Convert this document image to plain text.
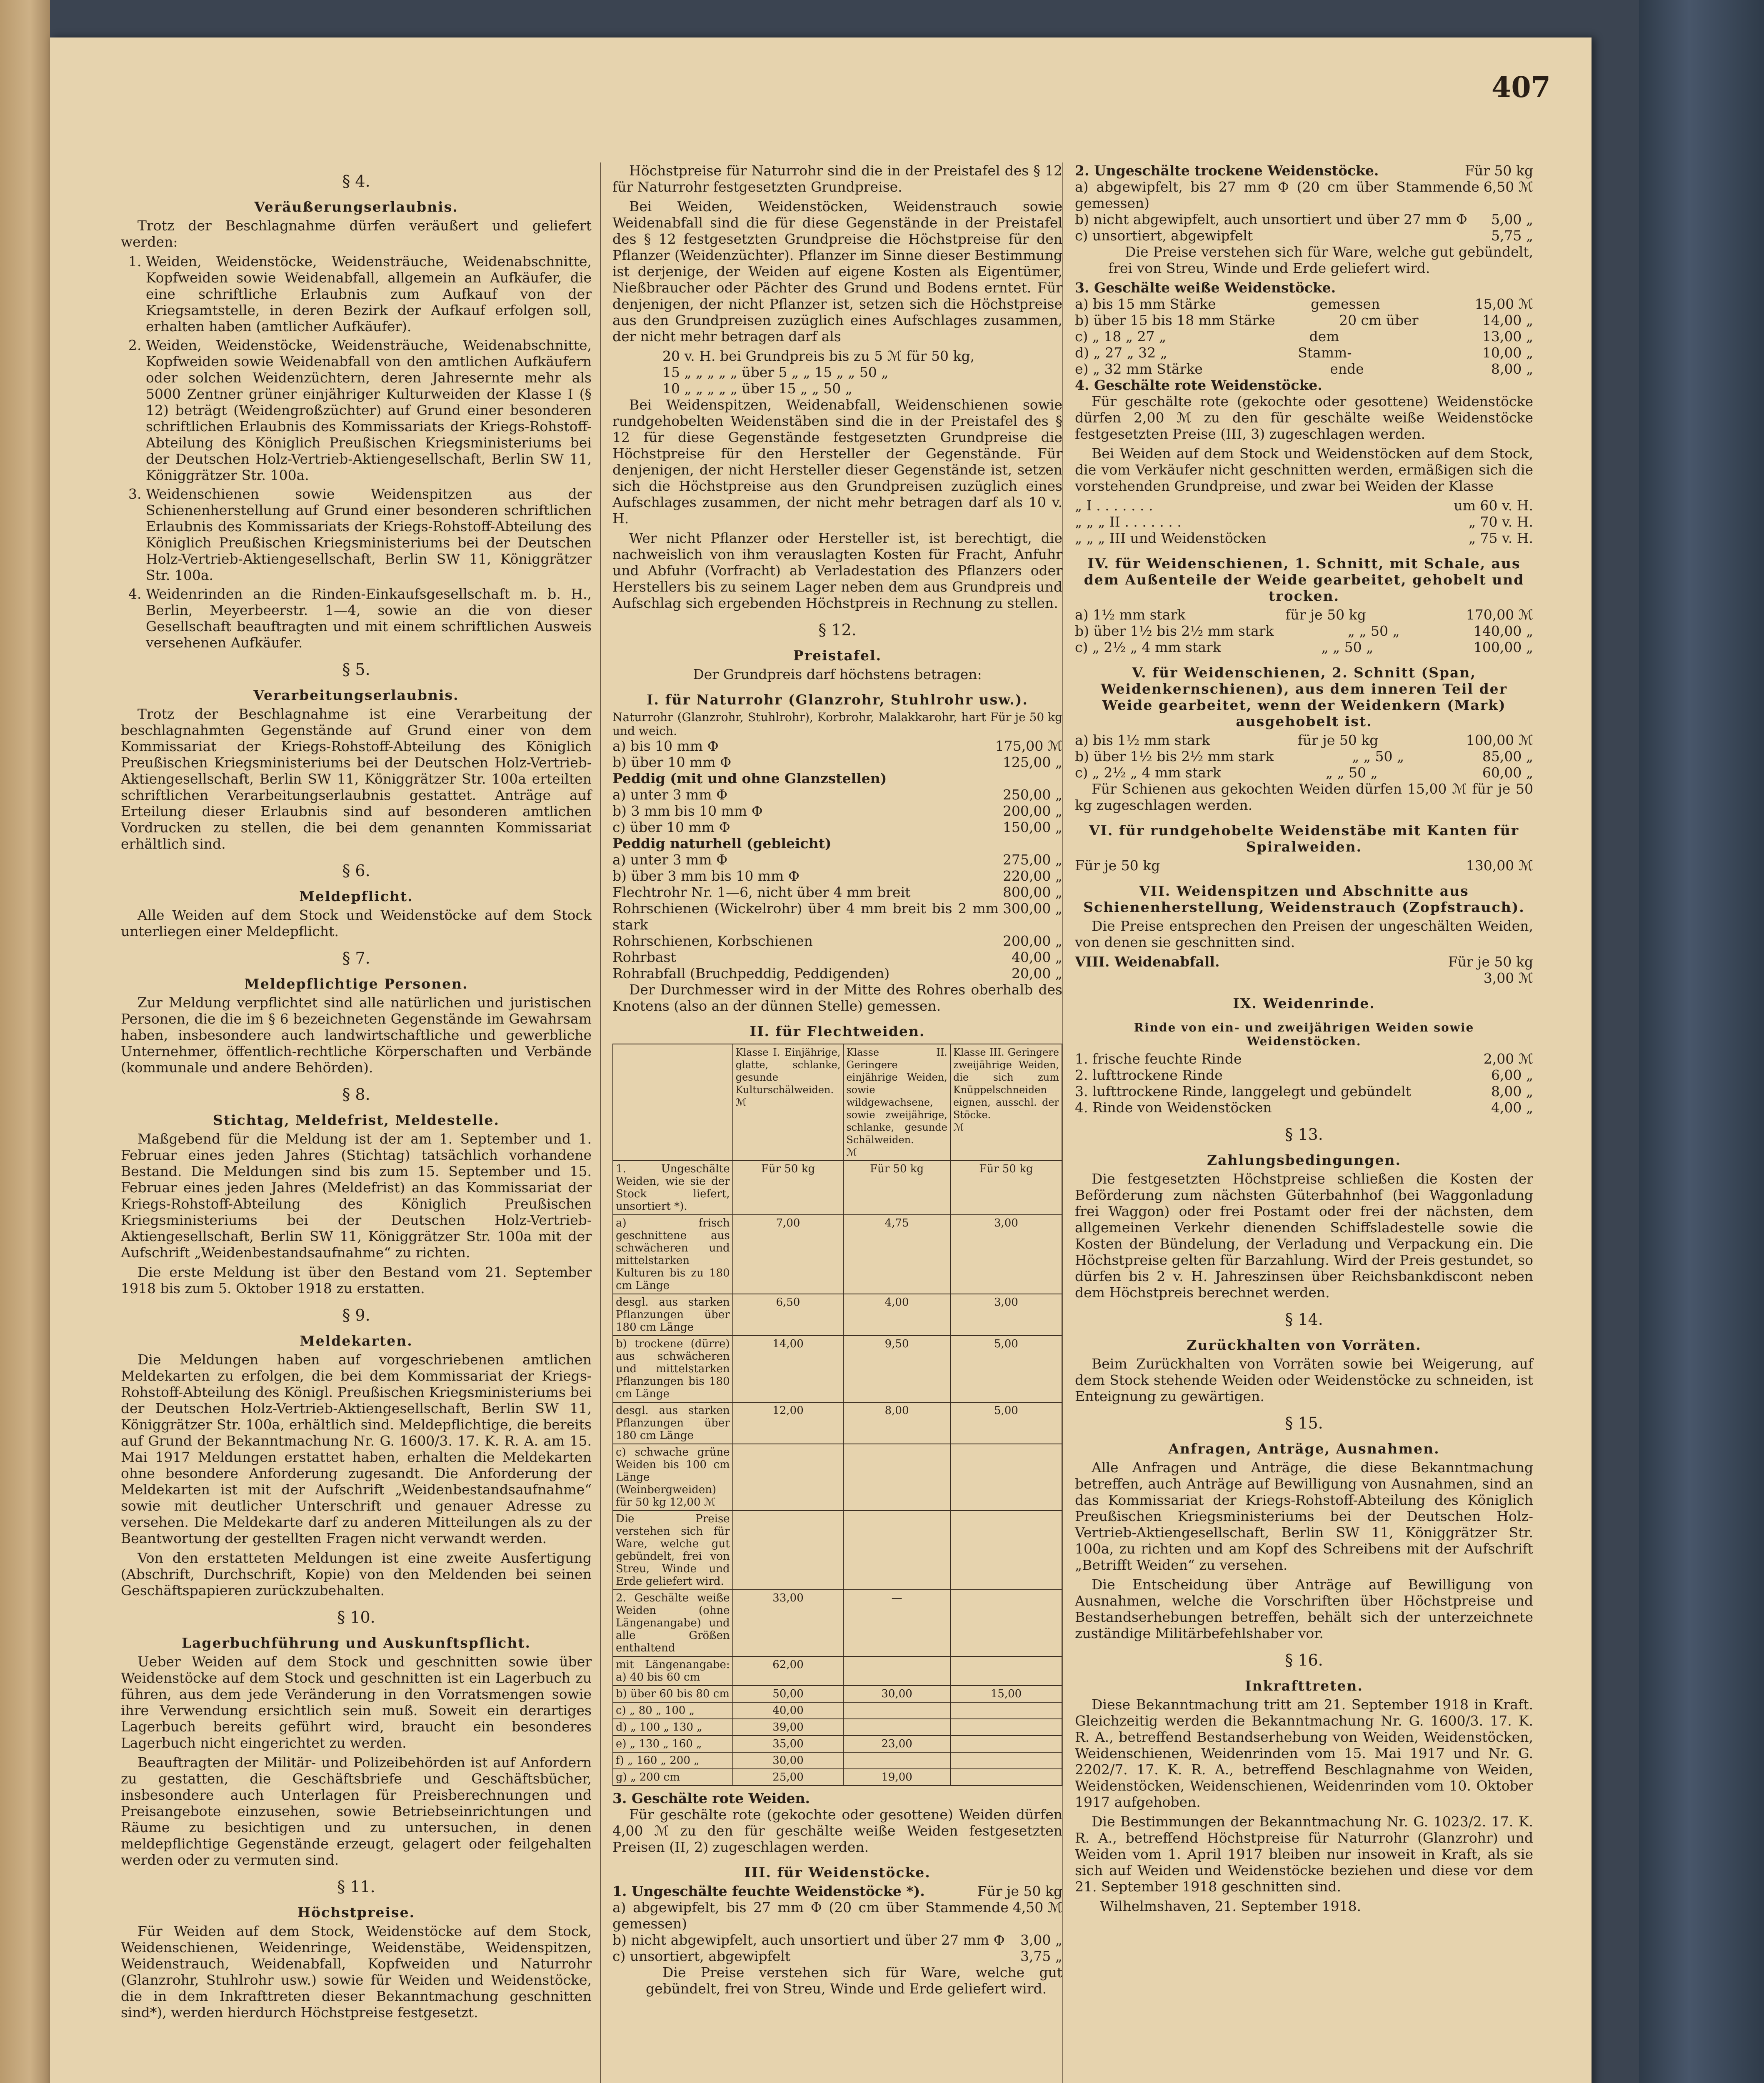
407
§ 4.
Veräußerungserlaubnis.

Trotz der Beschlagnahme dürfen veräußert und geliefert werden:

1. Weiden, Weidenstöcke, Weidensträuche, Weidenabschnitte, Kopfweiden sowie Weidenabfall, allgemein an Aufkäufer, die eine schriftliche Erlaubnis zum Aufkauf von der Kriegsamtstelle, in deren Bezirk der Aufkauf erfolgen soll, erhalten haben (amtlicher Aufkäufer).
2. Weiden, Weidenstöcke, Weidensträuche, Weidenabschnitte, Kopfweiden sowie Weidenabfall von den amtlichen Aufkäufern oder solchen Weidenzüchtern, deren Jahresernte mehr als 5000 Zentner grüner einjähriger Kulturweiden der Klasse I (§ 12) beträgt (Weidengroßzüchter) auf Grund einer besonderen schriftlichen Erlaubnis des Kommissariats der Kriegs-Rohstoff-Abteilung des Königlich Preußischen Kriegsministeriums bei der Deutschen Holz-Vertrieb-Aktiengesellschaft, Berlin SW 11, Königgrätzer Str. 100a.
3. Weidenschienen sowie Weidenspitzen aus der Schienenherstellung auf Grund einer besonderen schriftlichen Erlaubnis des Kommissariats der Kriegs-Rohstoff-Abteilung des Königlich Preußischen Kriegsministeriums bei der Deutschen Holz-Vertrieb-Aktiengesellschaft, Berlin SW 11, Königgrätzer Str. 100a.
4. Weidenrinden an die Rinden-Einkaufsgesellschaft m. b. H., Berlin, Meyerbeerstr. 1—4, sowie an die von dieser Gesellschaft beauftragten und mit einem schriftlichen Ausweis versehenen Aufkäufer.
§ 5.
Verarbeitungserlaubnis.

Trotz der Beschlagnahme ist eine Verarbeitung der beschlagnahmten Gegenstände auf Grund einer von dem Kommissariat der Kriegs-Rohstoff-Abteilung des Königlich Preußischen Kriegsministeriums bei der Deutschen Holz-Vertrieb-Aktiengesellschaft, Berlin SW 11, Königgrätzer Str. 100a erteilten schriftlichen Verarbeitungserlaubnis gestattet. Anträge auf Erteilung dieser Erlaubnis sind auf besonderen amtlichen Vordrucken zu stellen, die bei dem genannten Kommissariat erhältlich sind.

§ 6.
Meldepflicht.

Alle Weiden auf dem Stock und Weidenstöcke auf dem Stock unterliegen einer Meldepflicht.

§ 7.
Meldepflichtige Personen.

Zur Meldung verpflichtet sind alle natürlichen und juristischen Personen, die die im § 6 bezeichneten Gegenstände im Gewahrsam haben, insbesondere auch landwirtschaftliche und gewerbliche Unternehmer, öffentlich-rechtliche Körperschaften und Verbände (kommunale und andere Behörden).

§ 8.
Stichtag, Meldefrist, Meldestelle.

Maßgebend für die Meldung ist der am 1. September und 1. Februar eines jeden Jahres (Stichtag) tatsächlich vorhandene Bestand. Die Meldungen sind bis zum 15. September und 15. Februar eines jeden Jahres (Meldefrist) an das Kommissariat der Kriegs-Rohstoff-Abteilung des Königlich Preußischen Kriegsministeriums bei der Deutschen Holz-Vertrieb-Aktiengesellschaft, Berlin SW 11, Königgrätzer Str. 100a mit der Aufschrift „Weidenbestandsaufnahme“ zu richten.

Die erste Meldung ist über den Bestand vom 21. September 1918 bis zum 5. Oktober 1918 zu erstatten.

§ 9.
Meldekarten.

Die Meldungen haben auf vorgeschriebenen amtlichen Meldekarten zu erfolgen, die bei dem Kommissariat der Kriegs-Rohstoff-Abteilung des Königl. Preußischen Kriegsministeriums bei der Deutschen Holz-Vertrieb-Aktiengesellschaft, Berlin SW 11, Königgrätzer Str. 100a, erhältlich sind. Meldepflichtige, die bereits auf Grund der Bekanntmachung Nr. G. 1600/3. 17. K. R. A. am 15. Mai 1917 Meldungen erstattet haben, erhalten die Meldekarten ohne besondere Anforderung zugesandt. Die Anforderung der Meldekarten ist mit der Aufschrift „Weidenbestandsaufnahme“ sowie mit deutlicher Unterschrift und genauer Adresse zu versehen. Die Meldekarte darf zu anderen Mitteilungen als zu der Beantwortung der gestellten Fragen nicht verwandt werden.

Von den erstatteten Meldungen ist eine zweite Ausfertigung (Abschrift, Durchschrift, Kopie) von den Meldenden bei seinen Geschäftspapieren zurückzubehalten.

§ 10.
Lagerbuchführung und Auskunftspflicht.

Ueber Weiden auf dem Stock und geschnitten sowie über Weidenstöcke auf dem Stock und geschnitten ist ein Lagerbuch zu führen, aus dem jede Veränderung in den Vorratsmengen sowie ihre Verwendung ersichtlich sein muß. Soweit ein derartiges Lagerbuch bereits geführt wird, braucht ein besonderes Lagerbuch nicht eingerichtet zu werden.

Beauftragten der Militär- und Polizeibehörden ist auf Anfordern zu gestatten, die Geschäftsbriefe und Geschäftsbücher, insbesondere auch Unterlagen für Preisberechnungen und Preisangebote einzusehen, sowie Betriebseinrichtungen und Räume zu besichtigen und zu untersuchen, in denen meldepflichtige Gegenstände erzeugt, gelagert oder feilgehalten werden oder zu vermuten sind.

§ 11.
Höchstpreise.

Für Weiden auf dem Stock, Weidenstöcke auf dem Stock, Weidenschienen, Weidenringe, Weidenstäbe, Weidenspitzen, Weidenstrauch, Weidenabfall, Kopfweiden und Naturrohr (Glanzrohr, Stuhlrohr usw.) sowie für Weiden und Weidenstöcke, die in dem Inkrafttreten dieser Bekanntmachung geschnitten sind*), werden hierdurch Höchstpreise festgesetzt.

Höchstpreise für Naturrohr sind die in der Preistafel des § 12 für Naturrohr festgesetzten Grundpreise.

Bei Weiden, Weidenstöcken, Weidenstrauch sowie Weidenabfall sind die für diese Gegenstände in der Preistafel des § 12 festgesetzten Grundpreise die Höchstpreise für den Pflanzer (Weidenzüchter). Pflanzer im Sinne dieser Bestimmung ist derjenige, der Weiden auf eigene Kosten als Eigentümer, Nießbraucher oder Pächter des Grund und Bodens erntet. Für denjenigen, der nicht Pflanzer ist, setzen sich die Höchstpreise aus den Grundpreisen zuzüglich eines Aufschlages zusammen, der nicht mehr betragen darf als

20 v. H. bei Grundpreis bis zu 5 ℳ für 50 kg,
15 „ „ „ „ „ über 5 „ „ 15 „ „ 50 „
10 „ „ „ „ „ über 15 „ „ 50 „

Bei Weidenspitzen, Weidenabfall, Weidenschienen sowie rundgehobelten Weidenstäben sind die in der Preistafel des § 12 für diese Gegenstände festgesetzten Grundpreise die Höchstpreise für den Hersteller der Gegenstände. Für denjenigen, der nicht Hersteller dieser Gegenstände ist, setzen sich die Höchstpreise aus den Grundpreisen zuzüglich eines Aufschlages zusammen, der nicht mehr betragen darf als 10 v. H.

Wer nicht Pflanzer oder Hersteller ist, ist berechtigt, die nachweislich von ihm verauslagten Kosten für Fracht, Anfuhr und Abfuhr (Vorfracht) ab Verladestation des Pflanzers oder Herstellers bis zu seinem Lager neben dem aus Grundpreis und Aufschlag sich ergebenden Höchstpreis in Rechnung zu stellen.

§ 12.
Preistafel.
Der Grundpreis darf höchstens betragen:
I. für Naturrohr (Glanzrohr, Stuhlrohr usw.).
Naturrohr (Glanzrohr, Stuhlrohr), Korbrohr, Malakkarohr, hart und weich.
Für je 50 kg
a) bis 10 mm Φ	175,00 ℳ
b) über 10 mm Φ	125,00 „
Peddig (mit und ohne Glanzstellen)
a) unter 3 mm Φ	250,00 „
b) 3 mm bis 10 mm Φ	200,00 „
c) über 10 mm Φ	150,00 „
Peddig naturhell (gebleicht)
a) unter 3 mm Φ	275,00 „
b) über 3 mm bis 10 mm Φ	220,00 „
Flechtrohr Nr. 1—6, nicht über 4 mm breit	800,00 „
Rohrschienen (Wickelrohr) über 4 mm breit bis 2 mm stark
300,00 „
Rohrschienen, Korbschienen	200,00 „
Rohrbast	40,00 „
Rohrabfall (Bruchpeddig, Peddigenden)	20,00 „

Der Durchmesser wird in der Mitte des Rohres oberhalb des Knotens (also an der dünnen Stelle) gemessen.

II. für Flechtweiden.
	Klasse I. Einjährige, glatte, schlanke, gesunde Kulturschälweiden.
ℳ	Klasse II. Geringere einjährige Weiden, sowie wildgewachsene, sowie zweijährige, schlanke, gesunde Schälweiden.
ℳ	Klasse III. Geringere zweijährige Weiden, die sich zum Knüppelschneiden eignen, ausschl. der Stöcke.
ℳ
1. Ungeschälte Weiden, wie sie der Stock liefert, unsortiert *).	Für 50 kg	Für 50 kg	Für 50 kg
a) frisch geschnittene aus schwächeren und mittelstarken Kulturen bis zu 180 cm Länge	7,00	4,75	3,00
desgl. aus starken Pflanzungen über 180 cm Länge	6,50	4,00	3,00
b) trockene (dürre) aus schwächeren und mittelstarken Pflanzungen bis 180 cm Länge	14,00	9,50	5,00
desgl. aus starken Pflanzungen über 180 cm Länge	12,00	8,00	5,00
c) schwache grüne Weiden bis 100 cm Länge (Weinbergweiden) für 50 kg 12,00 ℳ			
Die Preise verstehen sich für Ware, welche gut gebündelt, frei von Streu, Winde und Erde geliefert wird.			
2. Geschälte weiße Weiden (ohne Längenangabe) und alle Größen enthaltend	33,00	—	
mit Längenangabe: a) 40 bis 60 cm	62,00		
b) über 60 bis 80 cm	50,00	30,00	15,00
c) „ 80 „ 100 „	40,00		
d) „ 100 „ 130 „	39,00		
e) „ 130 „ 160 „	35,00	23,00	
f) „ 160 „ 200 „	30,00		
g) „ 200 cm	25,00	19,00	
3. Geschälte rote Weiden.

Für geschälte rote (gekochte oder gesottene) Weiden dürfen 4,00 ℳ zu den für geschälte weiße Weiden festgesetzten Preisen (II, 2) zugeschlagen werden.

III. für Weidenstöcke.
1. Ungeschälte feuchte Weidenstöcke *).	Für je 50 kg
a) abgewipfelt, bis 27 mm Φ (20 cm über Stammende gemessen)
4,50 ℳ
b) nicht abgewipfelt, auch unsortiert und über 27 mm Φ 3,00 „
c) unsortiert, abgewipfelt	3,75 „

Die Preise verstehen sich für Ware, welche gut gebündelt, frei von Streu, Winde und Erde geliefert wird.

2. Ungeschälte trockene Weidenstöcke.	Für 50 kg
a) abgewipfelt, bis 27 mm Φ (20 cm über Stammende gemessen)
6,50 ℳ
b) nicht abgewipfelt, auch unsortiert und über 27 mm Φ 5,00 „
c) unsortiert, abgewipfelt	5,75 „

Die Preise verstehen sich für Ware, welche gut gebündelt, frei von Streu, Winde und Erde geliefert wird.

3. Geschälte weiße Weidenstöcke.
a) bis 15 mm Stärke	gemessen	15,00 ℳ
b) über 15 bis 18 mm Stärke	20 cm über	14,00 „
c) „ 18 „ 27 „	dem	13,00 „
d) „ 27 „ 32 „	Stamm-	10,00 „
e) „ 32 mm Stärke	ende	8,00 „
4. Geschälte rote Weidenstöcke.

Für geschälte rote (gekochte oder gesottene) Weidenstöcke dürfen 2,00 ℳ zu den für geschälte weiße Weidenstöcke festgesetzten Preise (III, 3) zugeschlagen werden.

Bei Weiden auf dem Stock und Weidenstöcken auf dem Stock, die vom Verkäufer nicht geschnitten werden, ermäßigen sich die vorstehenden Grundpreise, und zwar bei Weiden der Klasse

„ I . . . . . . .	um 60 v. H.
„ „ „ II . . . . . . .	„ 70 v. H.
„ „ „ III und Weidenstöcken	„ 75 v. H.
IV. für Weidenschienen, 1. Schnitt, mit Schale, aus dem Außenteile der Weide gearbeitet, gehobelt und trocken.
a) 1½ mm stark	für je 50 kg	170,00 ℳ
b) über 1½ bis 2½ mm stark	„ „ 50 „	140,00 „
c) „ 2½ „ 4 mm stark	„ „ 50 „	100,00 „
V. für Weidenschienen, 2. Schnitt (Span, Weidenkernschienen), aus dem inneren Teil der Weide gearbeitet, wenn der Weidenkern (Mark) ausgehobelt ist.
a) bis 1½ mm stark	für je 50 kg	100,00 ℳ
b) über 1½ bis 2½ mm stark	„ „ 50 „	85,00 „
c) „ 2½ „ 4 mm stark	„ „ 50 „	60,00 „

Für Schienen aus gekochten Weiden dürfen 15,00 ℳ für je 50 kg zugeschlagen werden.

VI. für rundgehobelte Weidenstäbe mit Kanten für Spiralweiden.
Für je 50 kg	130,00 ℳ
VII. Weidenspitzen und Abschnitte aus Schienenherstellung, Weidenstrauch (Zopfstrauch).

Die Preise entsprechen den Preisen der ungeschälten Weiden, von denen sie geschnitten sind.

VIII. Weidenabfall.	Für je 50 kg
3,00 ℳ
IX. Weidenrinde.
Rinde von ein- und zweijährigen Weiden sowie Weidenstöcken.
1. frische feuchte Rinde	2,00 ℳ
2. lufttrockene Rinde	6,00 „
3. lufttrockene Rinde, langgelegt und gebündelt	8,00 „
4. Rinde von Weidenstöcken	4,00 „
§ 13.
Zahlungsbedingungen.

Die festgesetzten Höchstpreise schließen die Kosten der Beförderung zum nächsten Güterbahnhof (bei Waggonladung frei Waggon) oder frei Postamt oder frei der nächsten, dem allgemeinen Verkehr dienenden Schiffsladestelle sowie die Kosten der Bündelung, der Verladung und Verpackung ein. Die Höchstpreise gelten für Barzahlung. Wird der Preis gestundet, so dürfen bis 2 v. H. Jahreszinsen über Reichsbankdiscont neben dem Höchstpreis berechnet werden.

§ 14.
Zurückhalten von Vorräten.

Beim Zurückhalten von Vorräten sowie bei Weigerung, auf dem Stock stehende Weiden oder Weidenstöcke zu schneiden, ist Enteignung zu gewärtigen.

§ 15.
Anfragen, Anträge, Ausnahmen.

Alle Anfragen und Anträge, die diese Bekanntmachung betreffen, auch Anträge auf Bewilligung von Ausnahmen, sind an das Kommissariat der Kriegs-Rohstoff-Abteilung des Königlich Preußischen Kriegsministeriums bei der Deutschen Holz-Vertrieb-Aktiengesellschaft, Berlin SW 11, Königgrätzer Str. 100a, zu richten und am Kopf des Schreibens mit der Aufschrift „Betrifft Weiden“ zu versehen.

Die Entscheidung über Anträge auf Bewilligung von Ausnahmen, welche die Vorschriften über Höchstpreise und Bestandserhebungen betreffen, behält sich der unterzeichnete zuständige Militärbefehlshaber vor.

§ 16.
Inkrafttreten.

Diese Bekanntmachung tritt am 21. September 1918 in Kraft. Gleichzeitig werden die Bekanntmachung Nr. G. 1600/3. 17. K. R. A., betreffend Bestandserhebung von Weiden, Weidenstöcken, Weidenschienen, Weidenrinden vom 15. Mai 1917 und Nr. G. 2202/7. 17. K. R. A., betreffend Beschlagnahme von Weiden, Weidenstöcken, Weidenschienen, Weidenrinden vom 10. Oktober 1917 aufgehoben.

Die Bestimmungen der Bekanntmachung Nr. G. 1023/2. 17. K. R. A., betreffend Höchstpreise für Naturrohr (Glanzrohr) und Weiden vom 1. April 1917 bleiben nur insoweit in Kraft, als sie sich auf Weiden und Weidenstöcke beziehen und diese vor dem 21. September 1918 geschnitten sind.

Wilhelmshaven, 21. September 1918.
